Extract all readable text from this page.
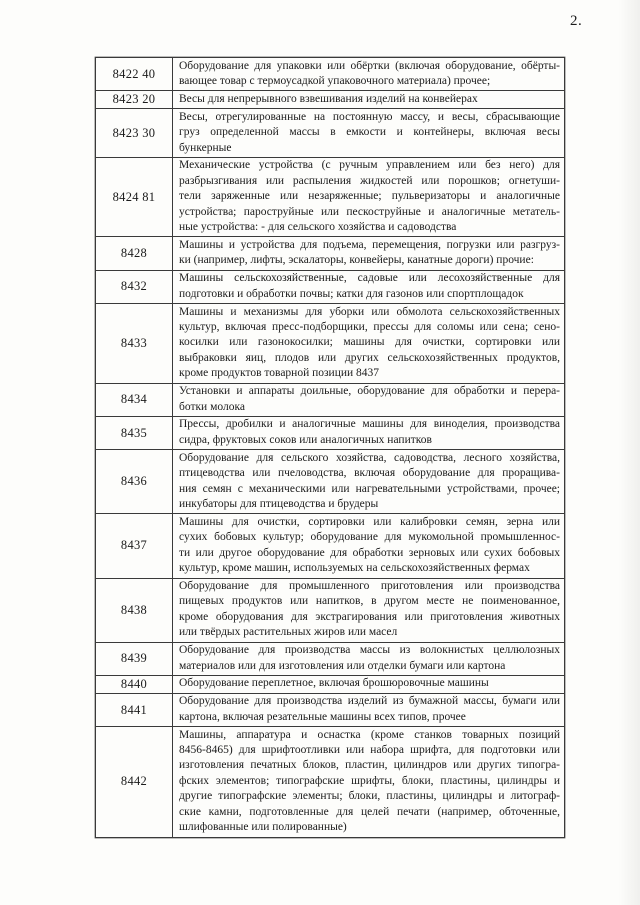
2.
8422 40
Оборудование для упаковки или обёртки (включая оборудование, обёрты-
вающее товар с термоусадкой упаковочного материала) прочее;
8423 20	Весы для непрерывного взвешивания изделий на конвейерах
8423 30
Весы, отрегулированные на постоянную массу, и весы, сбрасывающие
груз определенной массы в емкости и контейнеры, включая весы
бункерные
8424 81
Механические устройства (с ручным управлением или без него) для
разбрызгивания или распыления жидкостей или порошков; огнетуши-
тели заряженные или незаряженные; пульверизаторы и аналогичные
устройства; пароструйные или пескоструйные и аналогичные метатель-
ные устройства: - для сельского хозяйства и садоводства
8428
Машины и устройства для подъема, перемещения, погрузки или разгруз-
ки (например, лифты, эскалаторы, конвейеры, канатные дороги) прочие:
8432
Машины сельскохозяйственные, садовые или лесохозяйственные для
подготовки и обработки почвы; катки для газонов или спортплощадок
8433
Машины и механизмы для уборки или обмолота сельскохозяйственных
культур, включая пресс-подборщики, прессы для соломы или сена; сено-
косилки или газонокосилки; машины для очистки, сортировки или
выбраковки яиц, плодов или других сельскохозяйственных продуктов,
кроме продуктов товарной позиции 8437
8434
Установки и аппараты доильные, оборудование для обработки и перера-
ботки молока
8435
Прессы, дробилки и аналогичные машины для виноделия, производства
сидра, фруктовых соков или аналогичных напитков
8436
Оборудование для сельского хозяйства, садоводства, лесного хозяйства,
птицеводства или пчеловодства, включая оборудование для проращива-
ния семян с механическими или нагревательными устройствами, прочее;
инкубаторы для птицеводства и брудеры
8437
Машины для очистки, сортировки или калибровки семян, зерна или
сухих бобовых культур; оборудование для мукомольной промышленнос-
ти или другое оборудование для обработки зерновых или сухих бобовых
культур, кроме машин, используемых на сельскохозяйственных фермах
8438
Оборудование для промышленного приготовления или производства
пищевых продуктов или напитков, в другом месте не поименованное,
кроме оборудования для экстрагирования или приготовления животных
или твёрдых растительных жиров или масел
8439
Оборудование для производства массы из волокнистых целлюлозных
материалов или для изготовления или отделки бумаги или картона
8440	Оборудование переплетное, включая брошюровочные машины
8441
Оборудование для производства изделий из бумажной массы, бумаги или
картона, включая резательные машины всех типов, прочее
8442
Машины, аппаратура и оснастка (кроме станков товарных позиций
8456-8465) для шрифтоотливки или набора шрифта, для подготовки или
изготовления печатных блоков, пластин, цилиндров или других типогра-
фских элементов; типографские шрифты, блоки, пластины, цилиндры и
другие типографские элементы; блоки, пластины, цилиндры и литограф-
ские камни, подготовленные для целей печати (например, обточенные,
шлифованные или полированные)
